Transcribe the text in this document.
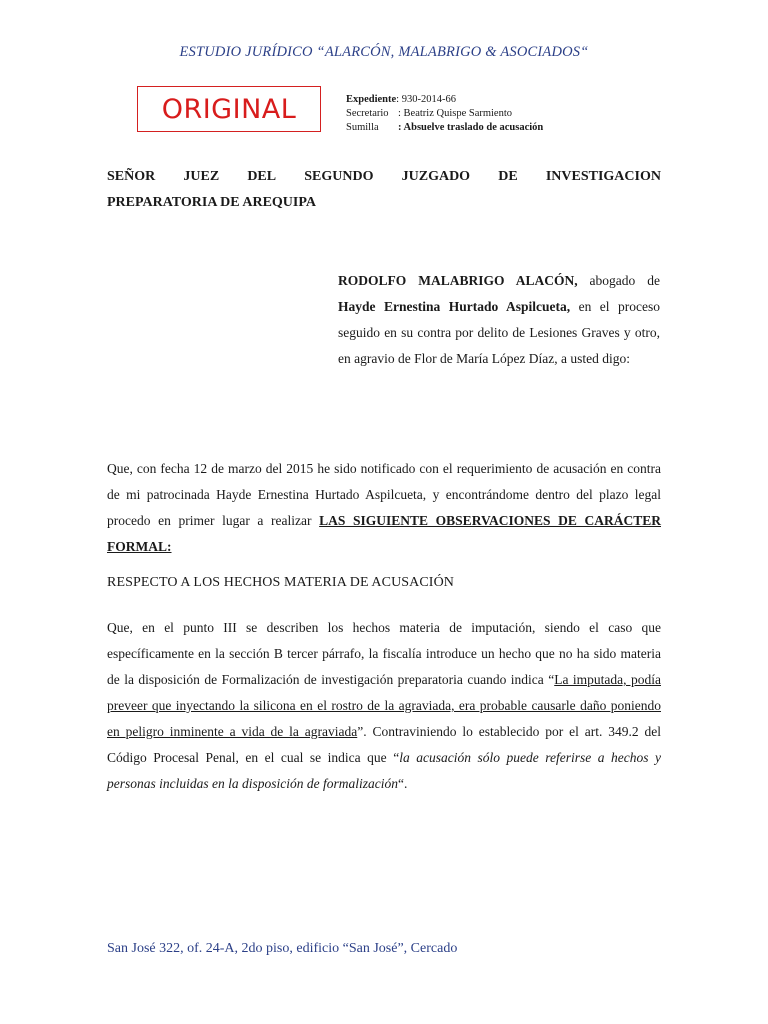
ESTUDIO JURÍDICO “ALARCÓN, MALABRIGO & ASOCIADOS“
ORIGINAL	Expediente : 930-2014-66
Secretario : Beatriz Quispe Sarmiento
Sumilla	: Absuelve traslado de acusación
SEÑOR JUEZ DEL SEGUNDO JUZGADO DE INVESTIGACION
PREPARATORIA DE AREQUIPA
RODOLFO MALABRIGO ALACÓN, abogado de Hayde Ernestina Hurtado Aspilcueta, en el proceso seguido en su contra por delito de Lesiones Graves y otro, en agravio de Flor de María López Díaz, a usted digo:
Que, con fecha 12 de marzo del 2015 he sido notificado con el requerimiento de acusación en contra de mi patrocinada Hayde Ernestina Hurtado Aspilcueta, y encontrándome dentro del plazo legal procedo en primer lugar a realizar LAS SIGUIENTE OBSERVACIONES DE CARÁCTER FORMAL:
RESPECTO A LOS HECHOS MATERIA DE ACUSACIÓN
Que, en el punto III se describen los hechos materia de imputación, siendo el caso que específicamente en la sección B tercer párrafo, la fiscalía introduce un hecho que no ha sido materia de la disposición de Formalización de investigación preparatoria cuando indica “La imputada, podía preveer que inyectando la silicona en el rostro de la agraviada, era probable causarle daño poniendo en peligro inminente a vida de la agraviada”. Contraviniendo lo establecido por el art. 349.2 del Código Procesal Penal, en el cual se indica que “la acusación sólo puede referirse a hechos y personas incluidas en la disposición de formalización“.
San José 322, of. 24-A, 2do piso, edificio “San José”, Cercado
